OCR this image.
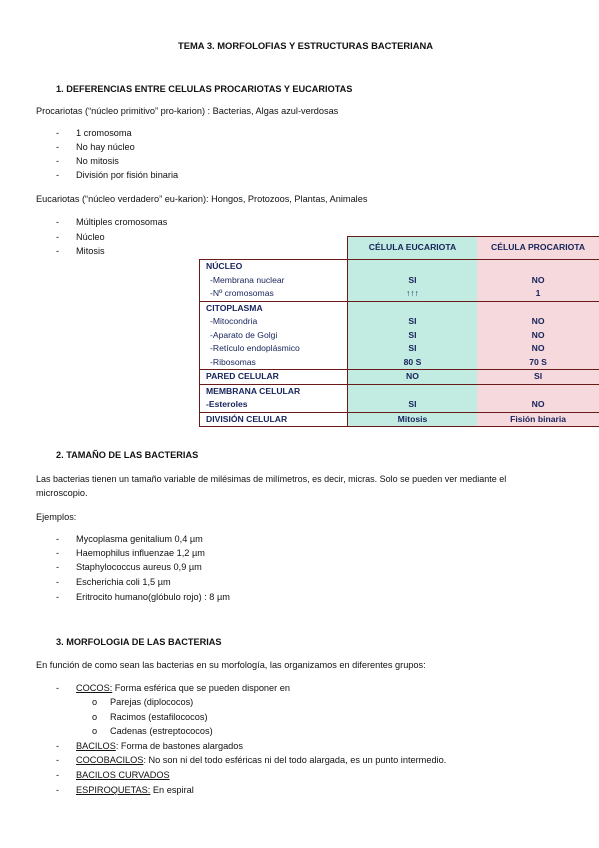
TEMA 3. MORFOLOFIAS Y ESTRUCTURAS BACTERIANA
1. DEFERENCIAS ENTRE CELULAS PROCARIOTAS Y EUCARIOTAS
Procariotas (“núcleo primitivo” pro-karion) : Bacterias, Algas azul-verdosas
- 1 cromosoma
- No hay núcleo
- No mitosis
- División por fisión binaria
Eucariotas (“núcleo verdadero” eu-karion): Hongos, Protozoos, Plantas, Animales
- Múltiples cromosomas
- Núcleo
- Mitosis
		CÉLULA EUCARIOTA	CÉLULA PROCARIOTA
NÚCLEO		
-Membrana nuclear	SI	NO
-Nº cromosomas	↑↑↑	1
CITOPLASMA		
-Mitocondria	SI	NO
-Aparato de Golgi	SI	NO
-Retículo endoplásmico	SI	NO
-Ribosomas	80 S	70 S
PARED CELULAR	NO	SI
MEMBRANA CELULAR		
-Esteroles	SI	NO
DIVISIÓN CELULAR	Mitosis	Fisión binaria
2. TAMAÑO DE LAS BACTERIAS
Las bacterias tienen un tamaño variable de milésimas de milímetros, es decir, micras. Solo se pueden ver mediante el
microscopio.
Ejemplos:
- Mycoplasma genitalium 0,4 µm
- Haemophilus influenzae 1,2 µm
- Staphylococcus aureus 0,9 µm
- Escherichia coli 1,5 µm
- Eritrocito humano(glóbulo rojo) : 8 µm
3. MORFOLOGIA DE LAS BACTERIAS
En función de como sean las bacterias en su morfología, las organizamos en diferentes grupos:
- COCOS: Forma esférica que se pueden disponer en
o Parejas (diplococos)
o Racimos (estafilococos)
o Cadenas (estreptococos)
- BACILOS: Forma de bastones alargados
- COCOBACILOS: No son ni del todo esféricas ni del todo alargada, es un punto intermedio.
- BACILOS CURVADOS
- ESPIROQUETAS: En espiral
